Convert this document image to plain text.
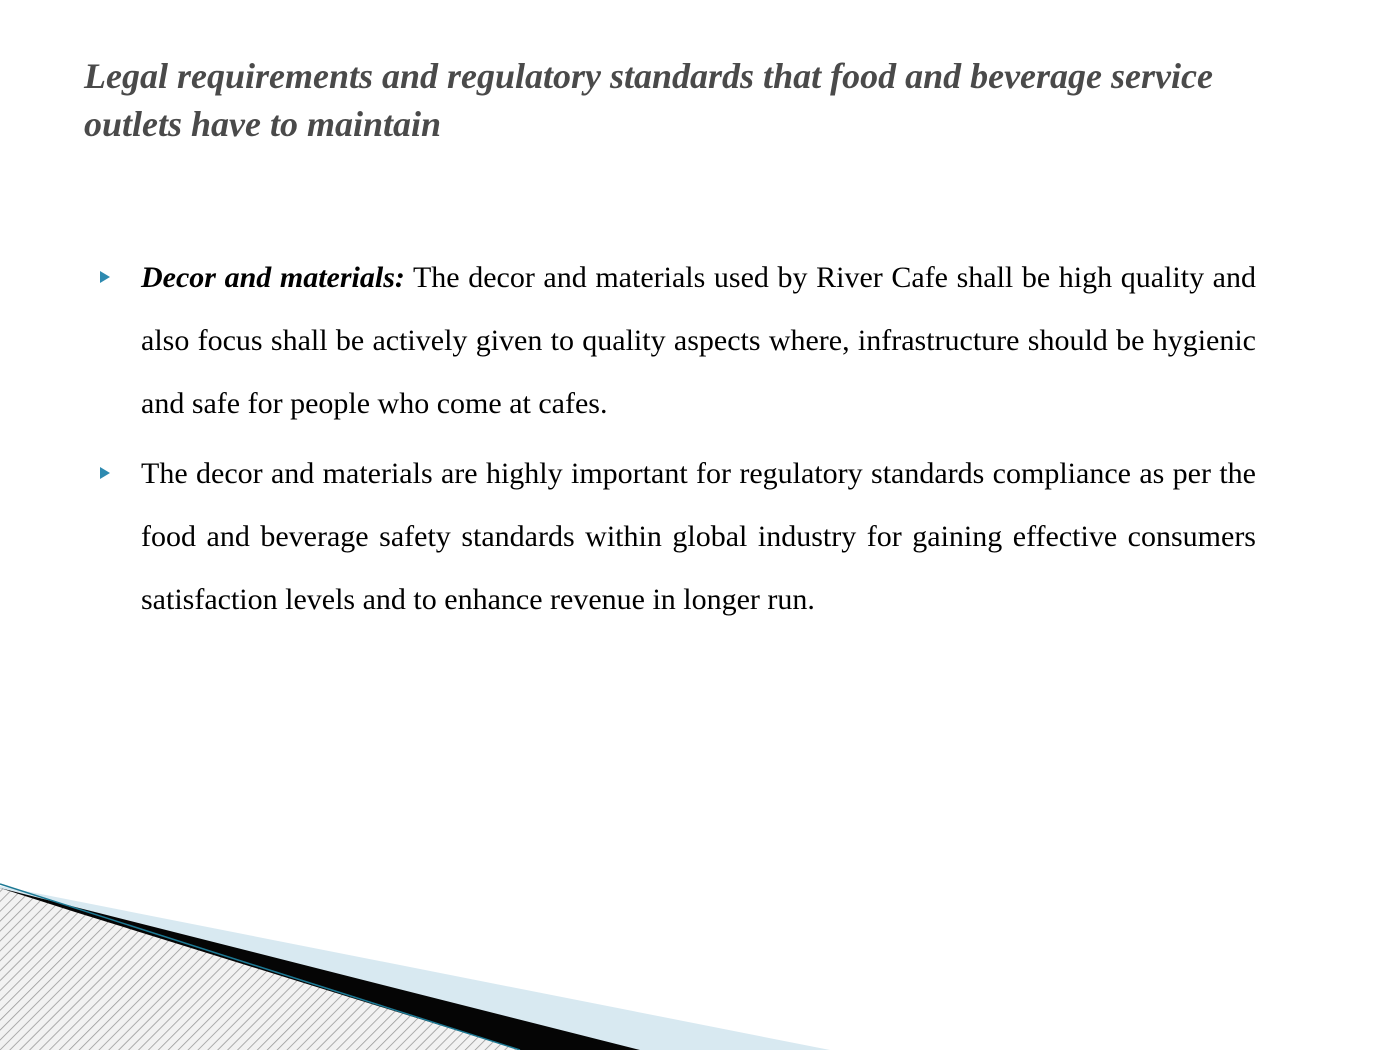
Legal requirements and regulatory standards that food and beverage service outlets have to maintain
Decor and materials: The decor and materials used by River Cafe shall be high quality and also focus shall be actively given to quality aspects where, infrastructure should be hygienic and safe for people who come at cafes.
The decor and materials are highly important for regulatory standards compliance as per the food and beverage safety standards within global industry for gaining effective consumers satisfaction levels and to enhance revenue in longer run.
